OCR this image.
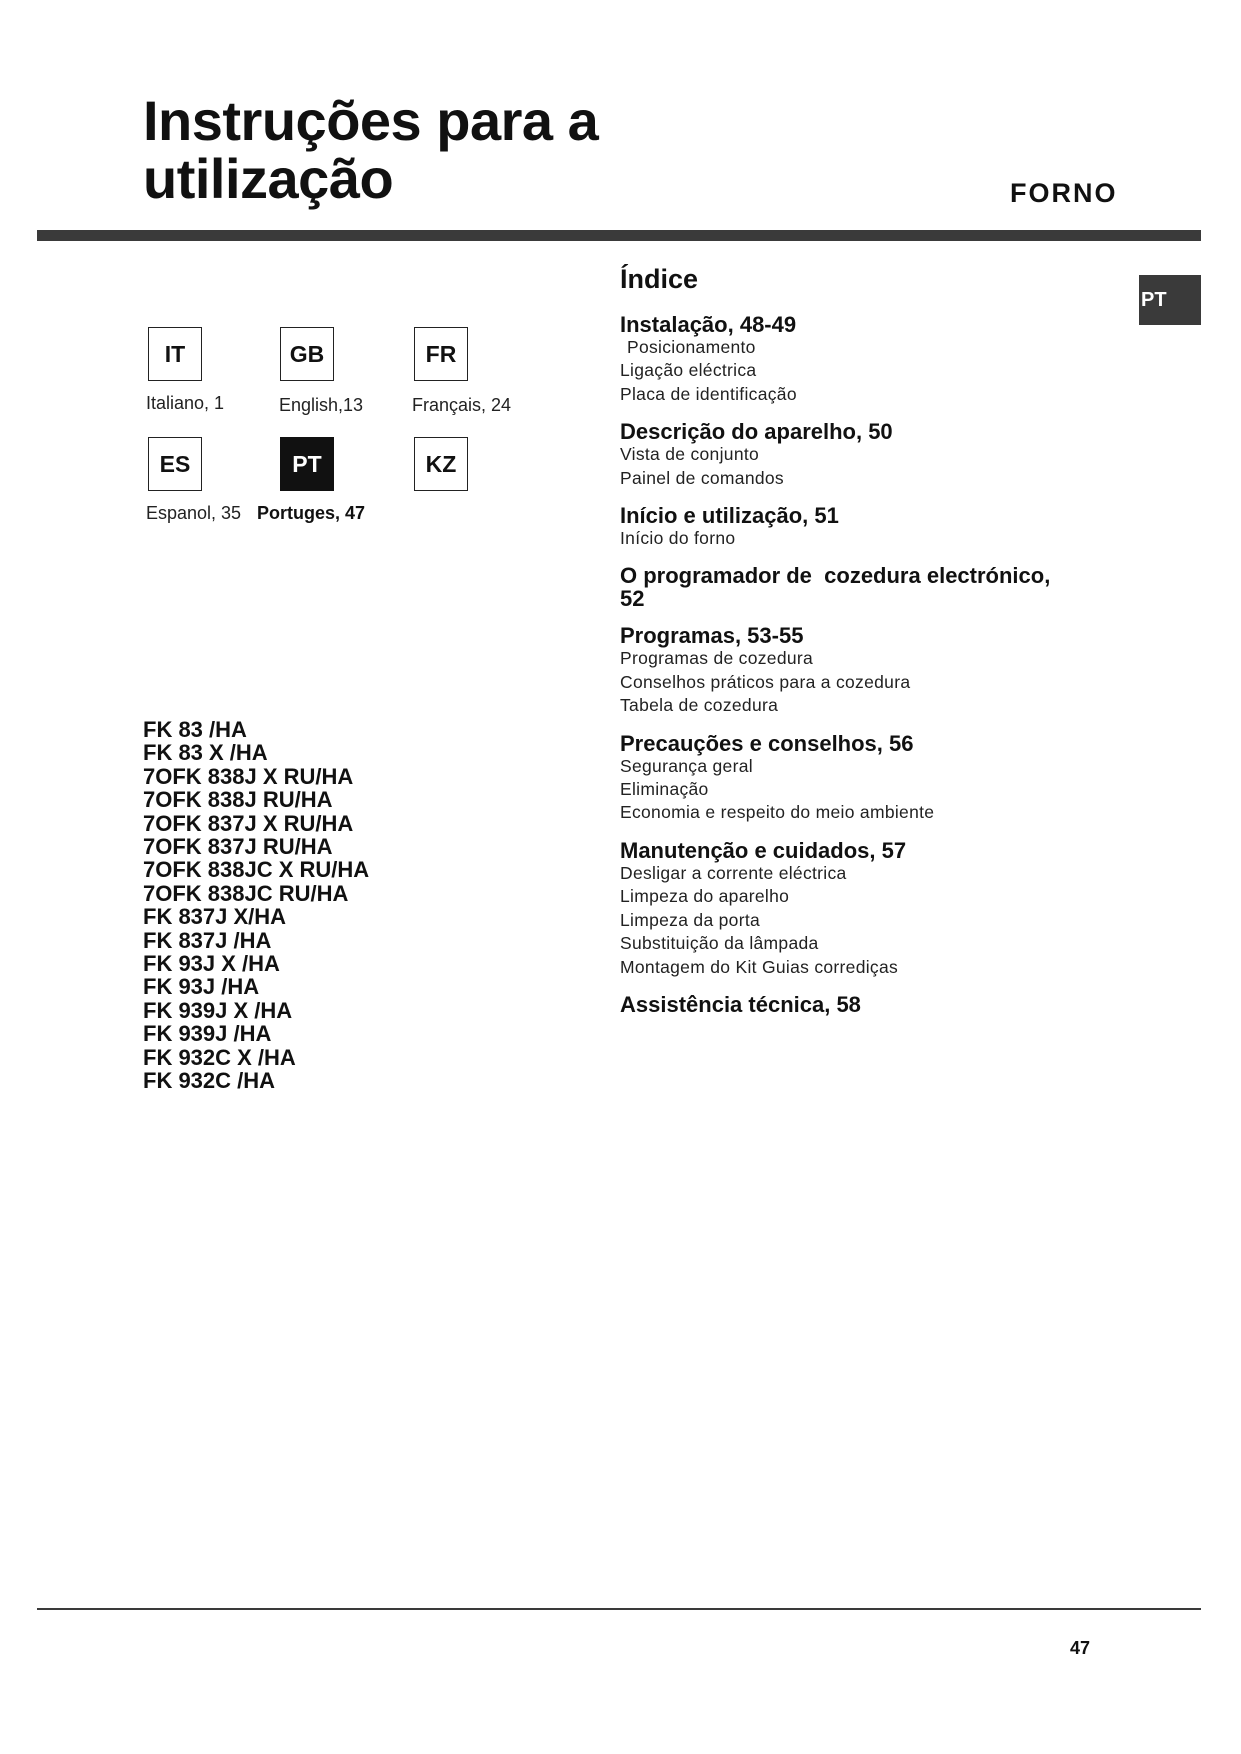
Instruções para a
utilização	FORNO
PT
IT	GB	FR
Italiano, 1	English,13	Français, 24
ES	PT	KZ
Espanol, 35 Portuges, 47
FK 83 /HA
FK 83 X /HA
7OFK 838J X RU/HA
7OFK 838J RU/HA
7OFK 837J X RU/HA
7OFK 837J RU/HA
7OFK 838JC X RU/HA
7OFK 838JC RU/HA
FK 837J X/HA
FK 837J /HA
FK 93J X /HA
FK 93J /HA
FK 939J X /HA
FK 939J /HA
FK 932C X /HA
FK 932C /HA
Índice
Instalação, 48-49
Posicionamento
Ligação eléctrica
Placa de identificação
Descrição do aparelho, 50
Vista de conjunto
Painel de comandos
Início e utilização, 51
Início do forno
O programador de  cozedura electrónico,
52
Programas, 53-55
Programas de cozedura
Conselhos práticos para a cozedura
Tabela de cozedura
Precauções e conselhos, 56
Segurança geral
Eliminação
Economia e respeito do meio ambiente
Manutenção e cuidados, 57
Desligar a corrente eléctrica
Limpeza do aparelho
Limpeza da porta
Substituição da lâmpada
Montagem do Kit Guias corrediças
Assistência técnica, 58
47
